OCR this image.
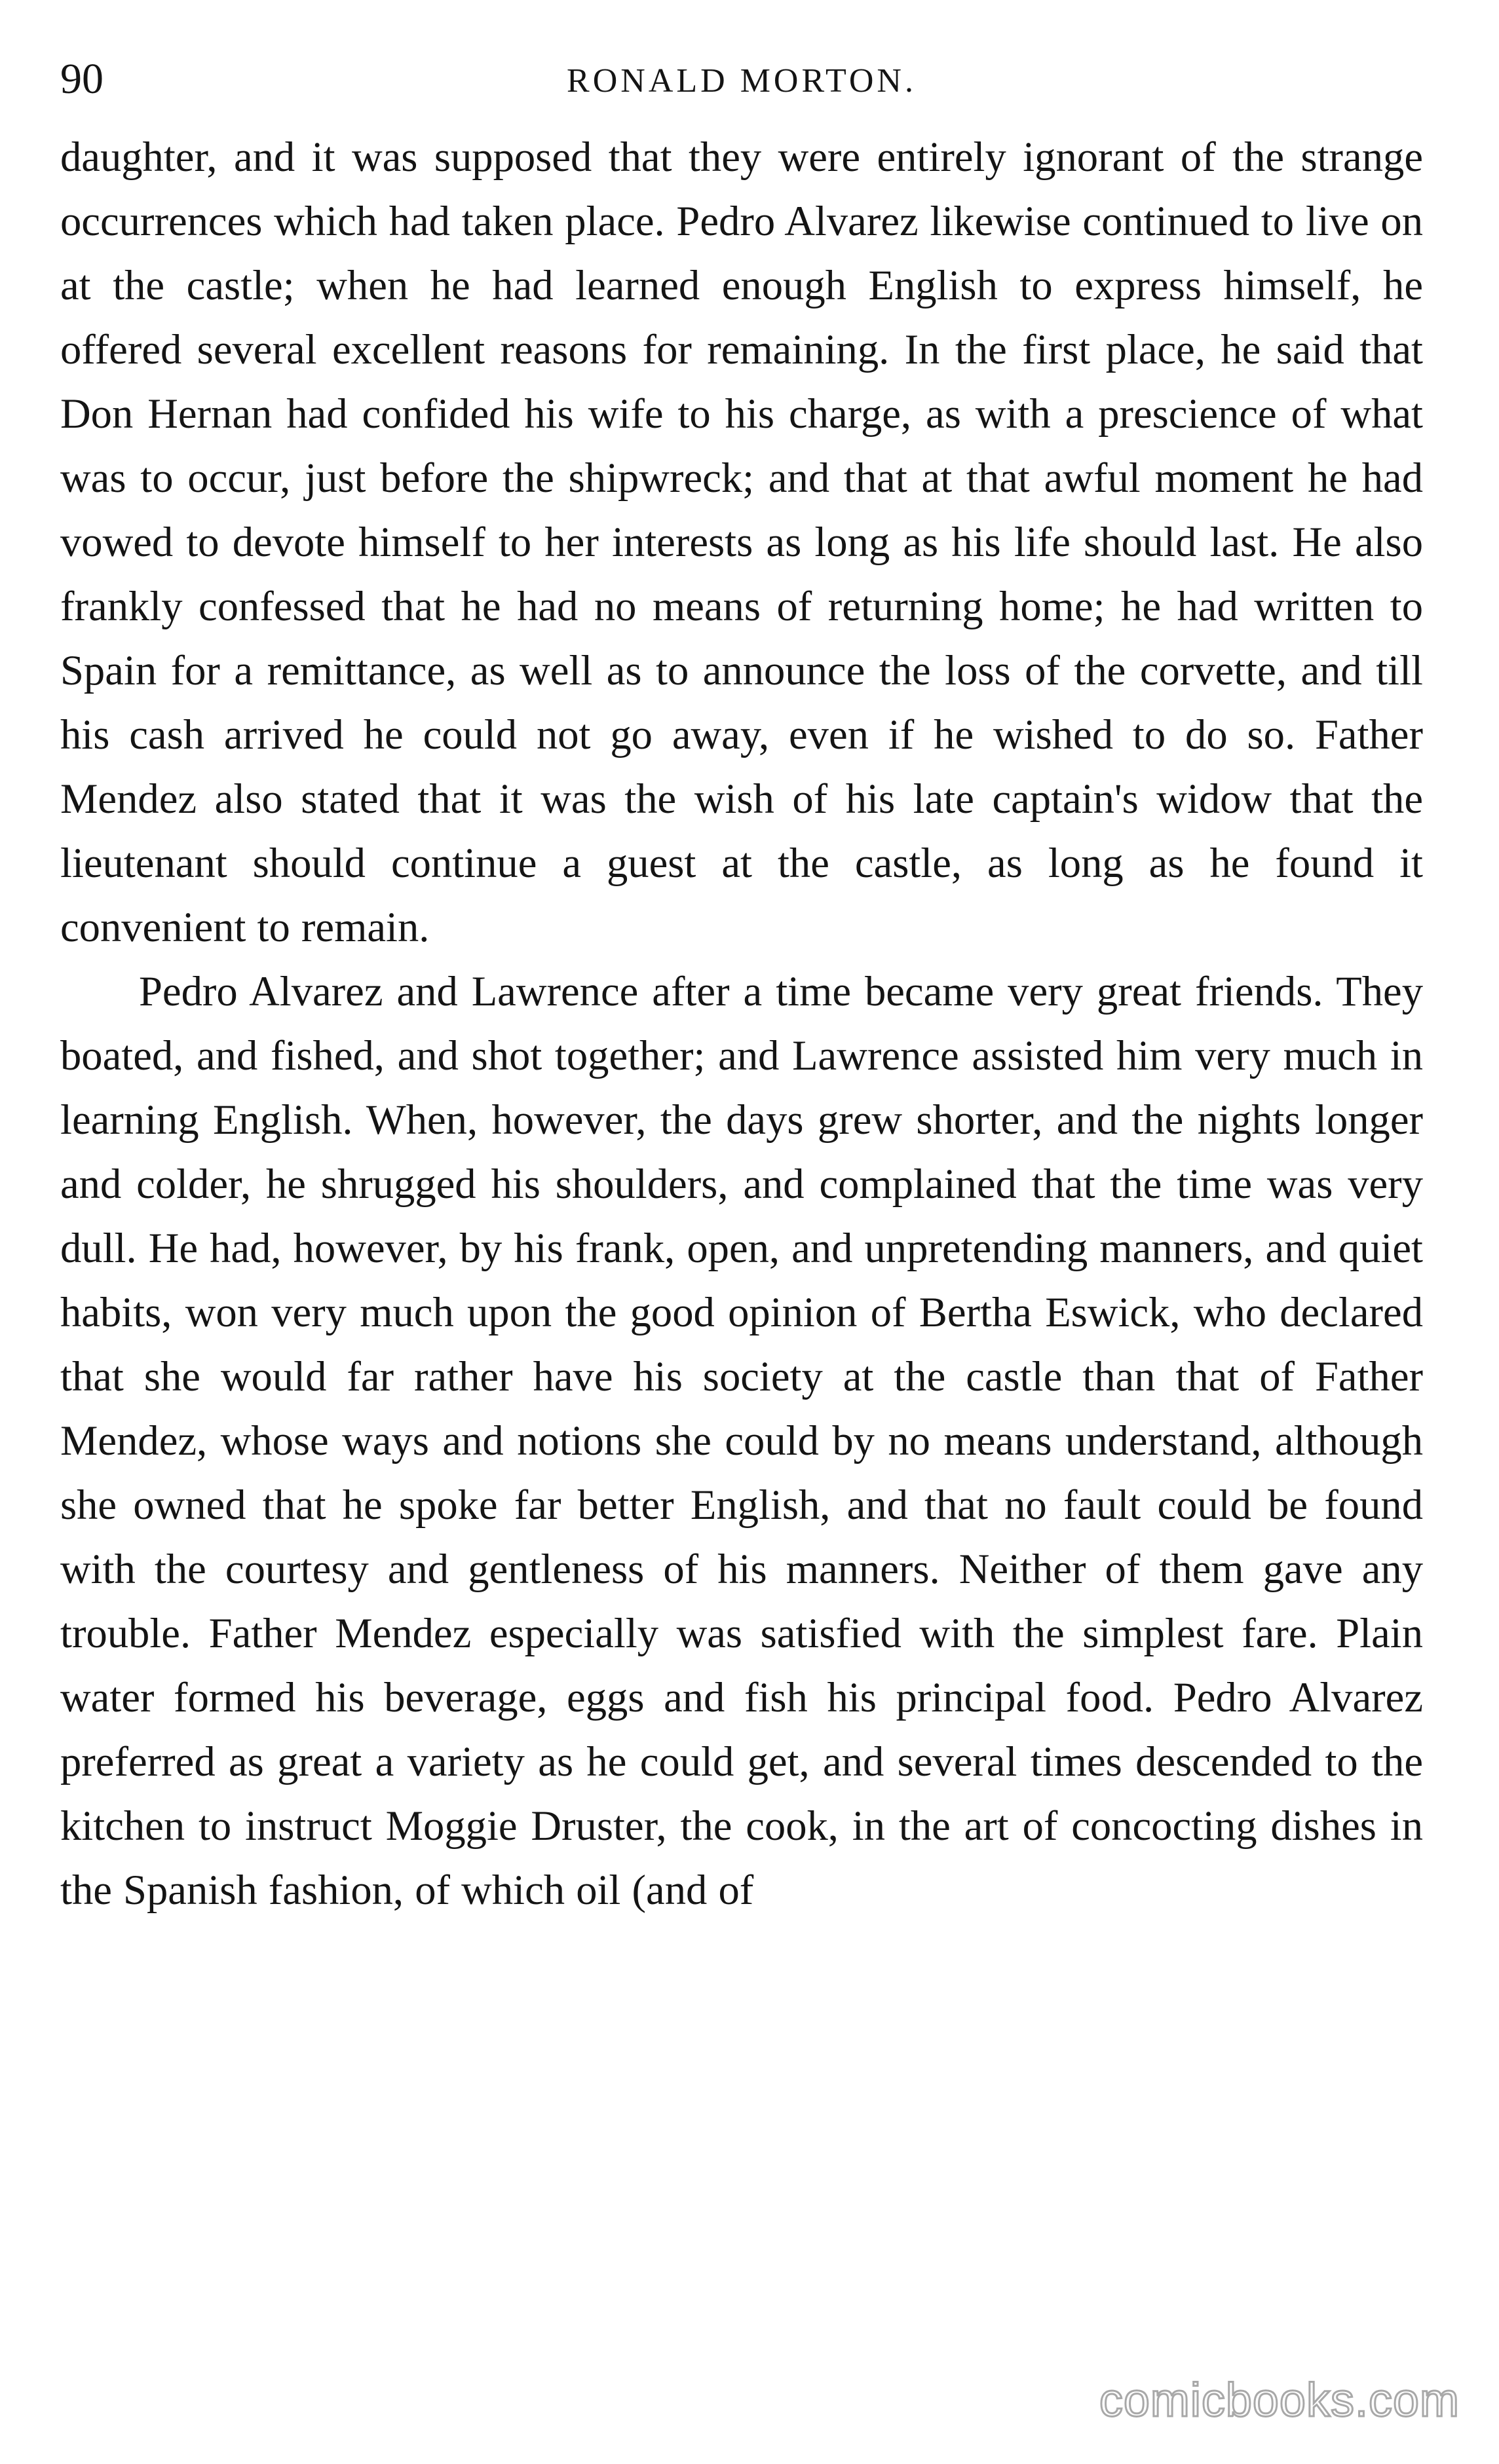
90	RONALD MORTON.

daughter, and it was supposed that they were entirely ignorant of the strange occurrences which had taken place. Pedro Alvarez likewise continued to live on at the castle; when he had learned enough English to express himself, he offered several excellent reasons for remaining. In the first place, he said that Don Hernan had confided his wife to his charge, as with a prescience of what was to occur, just before the shipwreck; and that at that awful moment he had vowed to devote himself to her interests as long as his life should last. He also frankly confessed that he had no means of returning home; he had written to Spain for a remittance, as well as to announce the loss of the corvette, and till his cash arrived he could not go away, even if he wished to do so. Father Mendez also stated that it was the wish of his late captain's widow that the lieutenant should continue a guest at the castle, as long as he found it convenient to remain.

Pedro Alvarez and Lawrence after a time became very great friends. They boated, and fished, and shot together; and Lawrence assisted him very much in learning English. When, however, the days grew shorter, and the nights longer and colder, he shrugged his shoulders, and complained that the time was very dull. He had, however, by his frank, open, and unpretending manners, and quiet habits, won very much upon the good opinion of Bertha Eswick, who declared that she would far rather have his society at the castle than that of Father Mendez, whose ways and notions she could by no means understand, although she owned that he spoke far better English, and that no fault could be found with the courtesy and gentleness of his manners. Neither of them gave any trouble. Father Mendez especially was satisfied with the simplest fare. Plain water formed his beverage, eggs and fish his principal food. Pedro Alvarez preferred as great a variety as he could get, and several times descended to the kitchen to instruct Moggie Druster, the cook, in the art of concocting dishes in the Spanish fashion, of which oil (and of

comicbooks.com
